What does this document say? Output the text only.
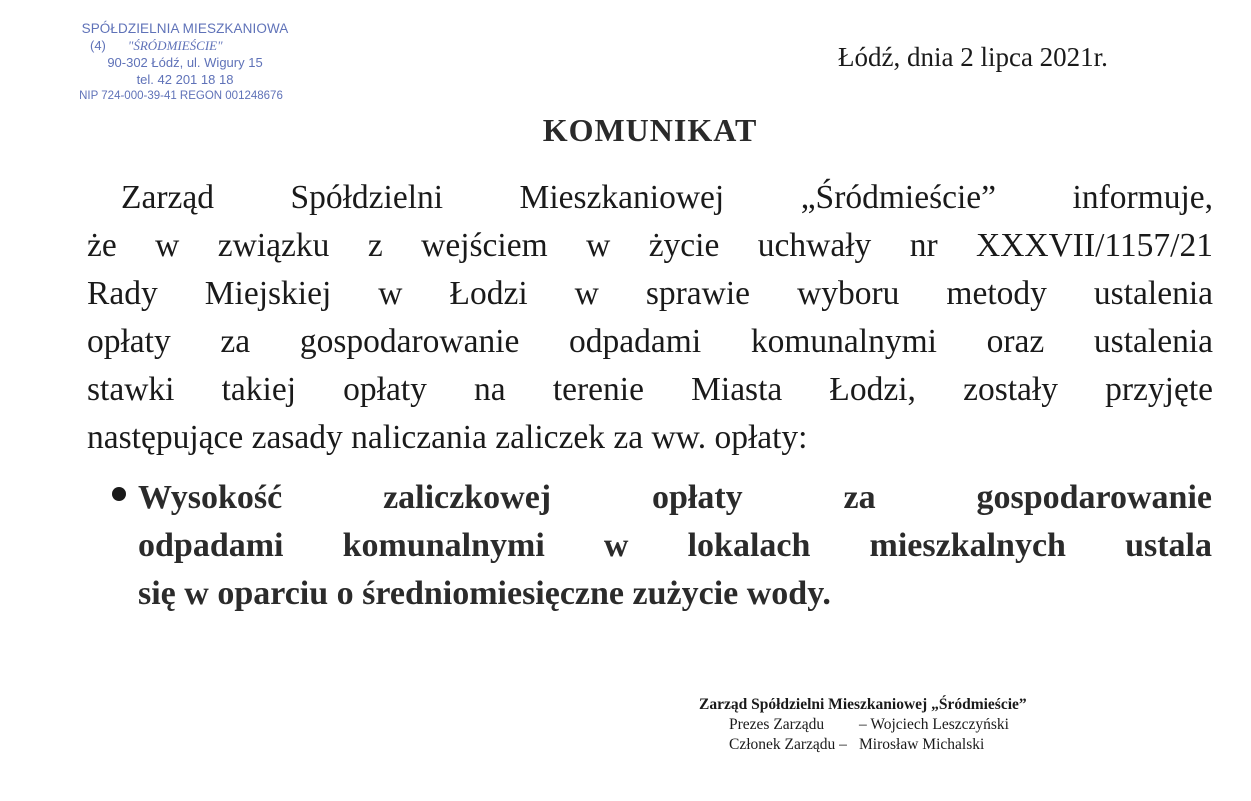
SPÓŁDZIELNIA MIESZKANIOWA
(4) "ŚRÓDMIEŚCIE"
90-302 Łódź, ul. Wigury 15
tel. 42 201 18 18
NIP 724-000-39-41 REGON 001248676
Łódź, dnia 2 lipca 2021r.
KOMUNIKAT
Zarząd Spółdzielni Mieszkaniowej „Śródmieście” informuje,
że w związku z wejściem w życie uchwały nr XXXVII/1157/21
Rady Miejskiej w Łodzi w sprawie wyboru metody ustalenia
opłaty za gospodarowanie odpadami komunalnymi oraz ustalenia
stawki takiej opłaty na terenie Miasta Łodzi, zostały przyjęte
następujące zasady naliczania zaliczek za ww. opłaty:
Wysokość zaliczkowej opłaty za gospodarowanie
odpadami komunalnymi w lokalach mieszkalnych ustala
się w oparciu o średniomiesięczne zużycie wody.
Zarząd Spółdzielni Mieszkaniowej „Śródmieście”
Prezes Zarządu – Wojciech Leszczyński
Członek Zarządu – Mirosław Michalski
